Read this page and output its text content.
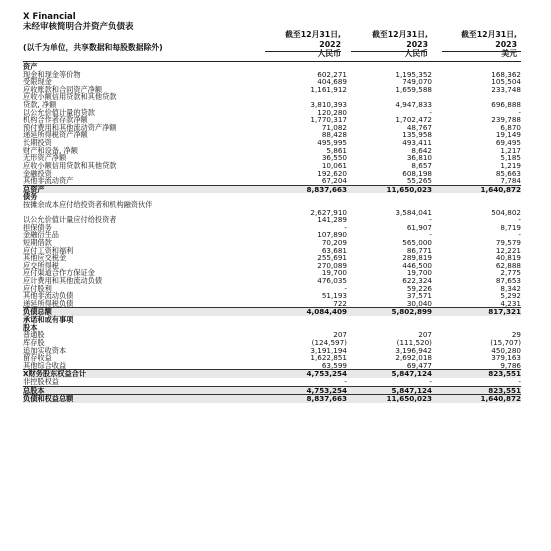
X Financial
未经审核简明合并资产负债表
(以千为单位，共享数据和每股数据除外)
截至12月31日,
2022
人民币
截至12月31日,
2023
人民币
截至12月31日,
2023
美元
资产
现金和现金等价物	602,271	1,195,352	168,362
受限现金	404,689	749,070	105,504
应收账款和合同资产净额	1,161,912	1,659,588	233,748
应收小额信用贷款和其他贷款
贷款, 净额	3,810,393	4,947,833	696,888
以公允价值计量的贷款	120,280	-	-
机构合作者存款净额	1,770,317	1,702,472	239,788
预付费用和其他流动资产净额	71,082	48,767	6,870
递延所得税资产净额	88,428	135,958	19,149
长期投资	495,995	493,411	69,495
财产和设备, 净额	5,861	8,642	1,217
无形资产净额	36,550	36,810	5,185
应收小额信用贷款和其他贷款	10,061	8,657	1,219
金融投资	192,620	608,198	85,663
其他非流动资产	67,204	55,265	7,784
总资产	8,837,663	11,650,023	1,640,872
债务
按摊余成本应付给投资者和机构融资伙伴
2,627,910	3,584,041	504,802
以公允价值计量应付给投资者	141,289	-	-
担保债务	-	61,907	8,719
金融衍生品	107,890	-	-
短期借款	70,209	565,000	79,579
应付工资和福利	63,681	86,771	12,221
其他应交税金	255,691	289,819	40,819
应交所得税	270,089	446,500	62,888
应付渠道合作方保证金	19,700	19,700	2,775
应计费用和其他流动负债	476,035	622,324	87,653
应付股利	-	59,226	8,342
其他非流动负债	51,193	37,571	5,292
递延所得税负债	722	30,040	4,231
负债总额	4,084,409	5,802,899	817,321
承诺和或有事项
股本
普通股	207	207	29
库存股	(124,597)	(111,520)	(15,707)
追加实收资本	3,191,194	3,196,942	450,280
留存收益	1,622,851	2,692,018	379,163
其他综合收益	63,599	69,477	9,786
X财务股东权益合计	4,753,254	5,847,124	823,551
非控股权益	-	-	-
总股本	4,753,254	5,847,124	823,551
负债和权益总额	8,837,663	11,650,023	1,640,872
